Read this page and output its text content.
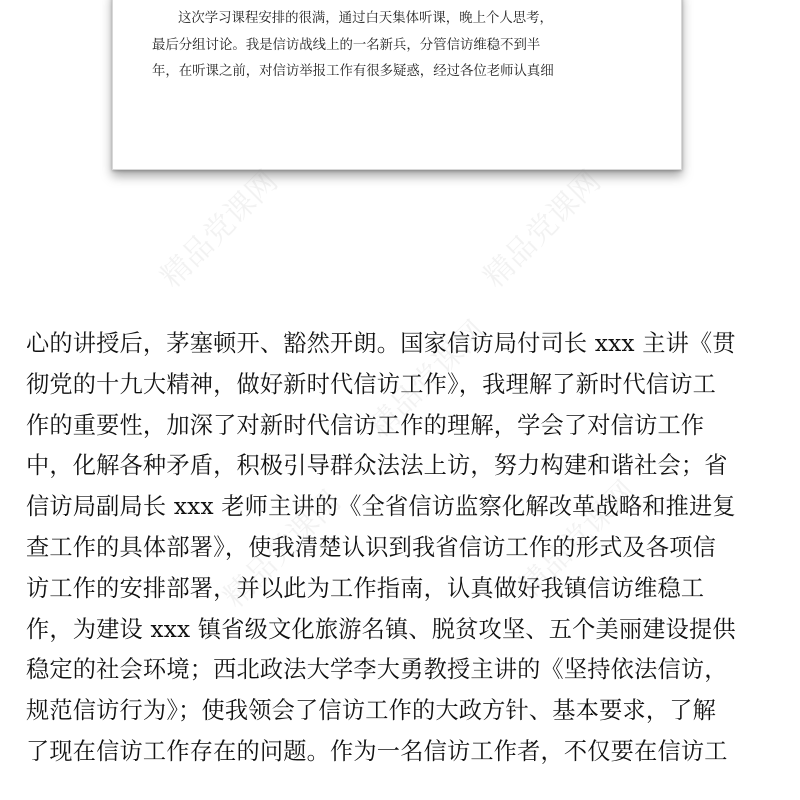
这次学习课程安排的很满，通过白天集体听课，晚上个人思考，
最后分组讨论。我是信访战线上的一名新兵，分管信访维稳不到半
年，在听课之前，对信访举报工作有很多疑惑，经过各位老师认真细
精品党课网	精品党课网
精品党课网
精品党课网	精品党课网
心的讲授后，茅塞顿开、豁然开朗。国家信访局付司长 xxx 主讲《贯
彻党的十九大精神，做好新时代信访工作》，我理解了新时代信访工
作的重要性，加深了对新时代信访工作的理解，学会了对信访工作
中，化解各种矛盾，积极引导群众法法上访，努力构建和谐社会；省
信访局副局长 xxx 老师主讲的《全省信访监察化解改革战略和推进复
查工作的具体部署》，使我清楚认识到我省信访工作的形式及各项信
访工作的安排部署，并以此为工作指南，认真做好我镇信访维稳工
作，为建设 xxx 镇省级文化旅游名镇、脱贫攻坚、五个美丽建设提供
稳定的社会环境；西北政法大学李大勇教授主讲的《坚持依法信访，
规范信访行为》；使我领会了信访工作的大政方针、基本要求，了解
了现在信访工作存在的问题。作为一名信访工作者，不仅要在信访工
